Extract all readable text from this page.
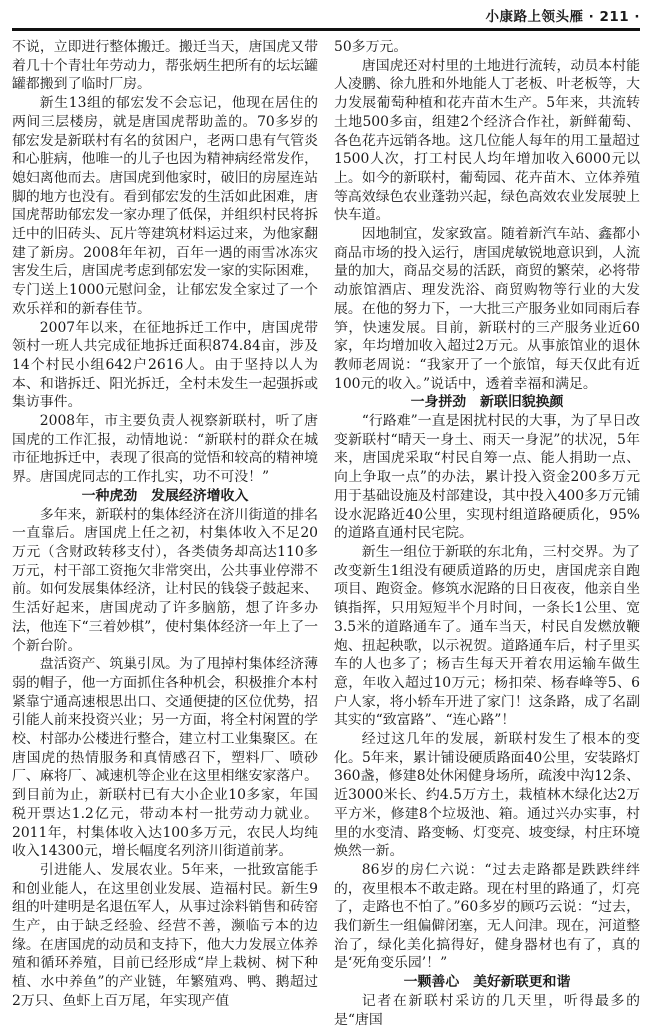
小康路上领头雁 · 211 ·

不说，立即进行整体搬迁。搬迁当天，唐国虎又带着几十个青壮年劳动力，帮张炳生把所有的坛坛罐罐都搬到了临时厂房。

新生13组的郁宏发不会忘记，他现在居住的两间三层楼房，就是唐国虎帮助盖的。70多岁的郁宏发是新联村有名的贫困户，老两口患有气管炎和心脏病，他唯一的儿子也因为精神病经常发作，媳妇离他而去。唐国虎到他家时，破旧的房屋连站脚的地方也没有。看到郁宏发的生活如此困难，唐国虎帮助郁宏发一家办理了低保，并组织村民将拆迁中的旧砖头、瓦片等建筑材料运过来，为他家翻建了新房。2008年年初，百年一遇的雨雪冰冻灾害发生后，唐国虎考虑到郁宏发一家的实际困难，专门送上1000元慰问金，让郁宏发全家过了一个欢乐祥和的新春佳节。

2007年以来，在征地拆迁工作中，唐国虎带领村一班人共完成征地拆迁面积874.84亩，涉及14个村民小组642户2616人。由于坚持以人为本、和谐拆迁、阳光拆迁，全村未发生一起强拆或集访事件。

2008年，市主要负责人视察新联村，听了唐国虎的工作汇报，动情地说：“新联村的群众在城市征地拆迁中，表现了很高的觉悟和较高的精神境界。唐国虎同志的工作扎实，功不可没！”

一种虎劲　发展经济增收入

多年来，新联村的集体经济在济川街道的排名一直靠后。唐国虎上任之初，村集体收入不足20万元（含财政转移支付），各类债务却高达110多万元，村干部工资拖欠非常突出，公共事业停滞不前。如何发展集体经济，让村民的钱袋子鼓起来、生活好起来，唐国虎动了许多脑筋，想了许多办法，他连下“三着妙棋”，使村集体经济一年上了一个新台阶。

盘活资产、筑巢引凤。为了甩掉村集体经济薄弱的帽子，他一方面抓住各种机会，积极推介本村紧靠宁通高速根思出口、交通便捷的区位优势，招引能人前来投资兴业；另一方面，将全村闲置的学校、村部办公楼进行整合，建立村工业集聚区。在唐国虎的热情服务和真情感召下，塑料厂、喷砂厂、麻将厂、减速机等企业在这里相继安家落户。到目前为止，新联村已有大小企业10多家，年国税开票达1.2亿元，带动本村一批劳动力就业。2011年，村集体收入达100多万元，农民人均纯收入14300元，增长幅度名列济川街道前茅。

引进能人、发展农业。5年来，一批致富能手和创业能人，在这里创业发展、造福村民。新生9组的叶建明是名退伍军人，从事过涂料销售和砖窑生产，由于缺乏经验、经营不善，濒临亏本的边缘。在唐国虎的动员和支持下，他大力发展立体养殖和循环养殖，目前已经形成“岸上栽树、树下种植、水中养鱼”的产业链，年繁殖鸡、鸭、鹅超过2万只、鱼虾上百万尾，年实现产值

50多万元。

唐国虎还对村里的土地进行流转，动员本村能人凌鹏、徐九胜和外地能人丁老板、叶老板等，大力发展葡萄种植和花卉苗木生产。5年来，共流转土地500多亩，组建2个经济合作社，新鲜葡萄、各色花卉远销各地。这几位能人每年的用工量超过1500人次，打工村民人均年增加收入6000元以上。如今的新联村，葡萄园、花卉苗木、立体养殖等高效绿色农业蓬勃兴起，绿色高效农业发展驶上快车道。

因地制宜，发家致富。随着新汽车站、鑫都小商品市场的投入运行，唐国虎敏锐地意识到，人流量的加大，商品交易的活跃，商贸的繁荣，必将带动旅馆酒店、理发洗浴、商贸购物等行业的大发展。在他的努力下，一大批三产服务业如同雨后春笋，快速发展。目前，新联村的三产服务业近60家，年均增加收入超过2万元。从事旅馆业的退休教师老周说：“我家开了一个旅馆，每天仅此有近100元的收入。”说话中，透着幸福和满足。

一身拼劲　新联旧貌换颜

“行路难”一直是困扰村民的大事，为了早日改变新联村“晴天一身土、雨天一身泥”的状况，5年来，唐国虎采取“村民自筹一点、能人捐助一点、向上争取一点”的办法，累计投入资金200多万元用于基础设施及村部建设，其中投入400多万元铺设水泥路近40公里，实现村组道路硬质化，95%的道路直通村民宅院。

新生一组位于新联的东北角，三村交界。为了改变新生1组没有硬质道路的历史，唐国虎亲自跑项目、跑资金。修筑水泥路的日日夜夜，他亲自坐镇指挥，只用短短半个月时间，一条长1公里、宽3.5米的道路通车了。通车当天，村民自发燃放鞭炮、扭起秧歌，以示祝贺。道路通车后，村子里买车的人也多了；杨吉生每天开着农用运输车做生意，年收入超过10万元；杨扣荣、杨春峰等5、6户人家，将小轿车开进了家门！这条路，成了名副其实的“致富路”、“连心路”！

经过这几年的发展，新联村发生了根本的变化。5年来，累计铺设硬质路面40公里，安装路灯360盏，修建8处休闲健身场所，疏浚中沟12条、近3000米长、约4.5万方土，栽植林木绿化达2万平方米，修建8个垃圾池、箱。通过兴办实事，村里的水变清、路变畅、灯变亮、坡变绿，村庄环境焕然一新。

86岁的房仁六说：“过去走路都是跌跌绊绊的，夜里根本不敢走路。现在村里的路通了，灯亮了，走路也不怕了。”60多岁的顾巧云说：“过去，我们新生一组偏僻闭塞，无人问津。现在，河道整治了，绿化美化搞得好，健身器材也有了，真的是‘死角变乐园’！”

一颗善心　美好新联更和谐

记者在新联村采访的几天里，听得最多的是“唐国
